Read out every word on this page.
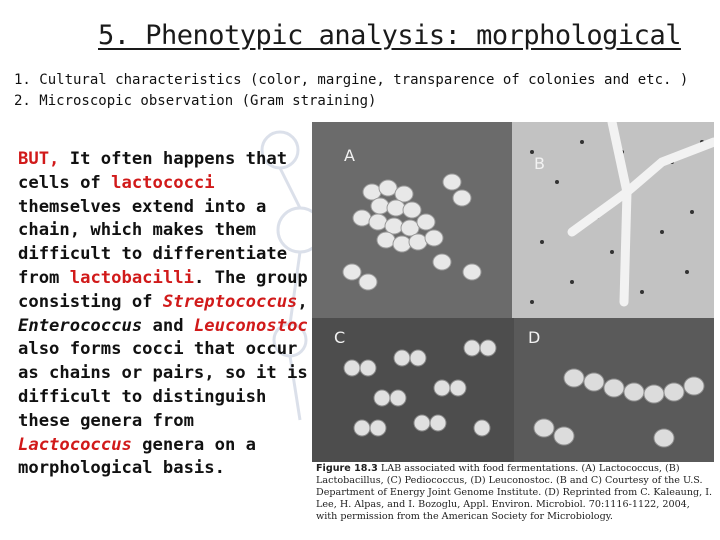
5. Phenotypic analysis: morphological
1. Cultural characteristics (color, margine, transparence of colonies and etc. )
2. Microscopic observation (Gram straining)
BUT, It often happens that cells of lactococci themselves extend into a chain, which makes them difficult to differentiate from lactobacilli. The group consisting of Streptococcus, Enterococcus and Leuconostoc also forms cocci that occur as chains or pairs, so it is difficult to distinguish these genera from Lactococcus genera on a morphological basis.
A	B
C	D
Figure 18.3 LAB associated with food fermentations. (A) Lactococcus, (B) Lactobacillus, (C) Pediococcus, (D) Leuconostoc. (B and C) Courtesy of the U.S. Department of Energy Joint Genome Institute. (D) Reprinted from C. Kaleaung, I. Lee, H. Alpas, and I. Bozoglu, Appl. Environ. Microbiol. 70:1116-1122, 2004, with permission from the American Society for Microbiology.
